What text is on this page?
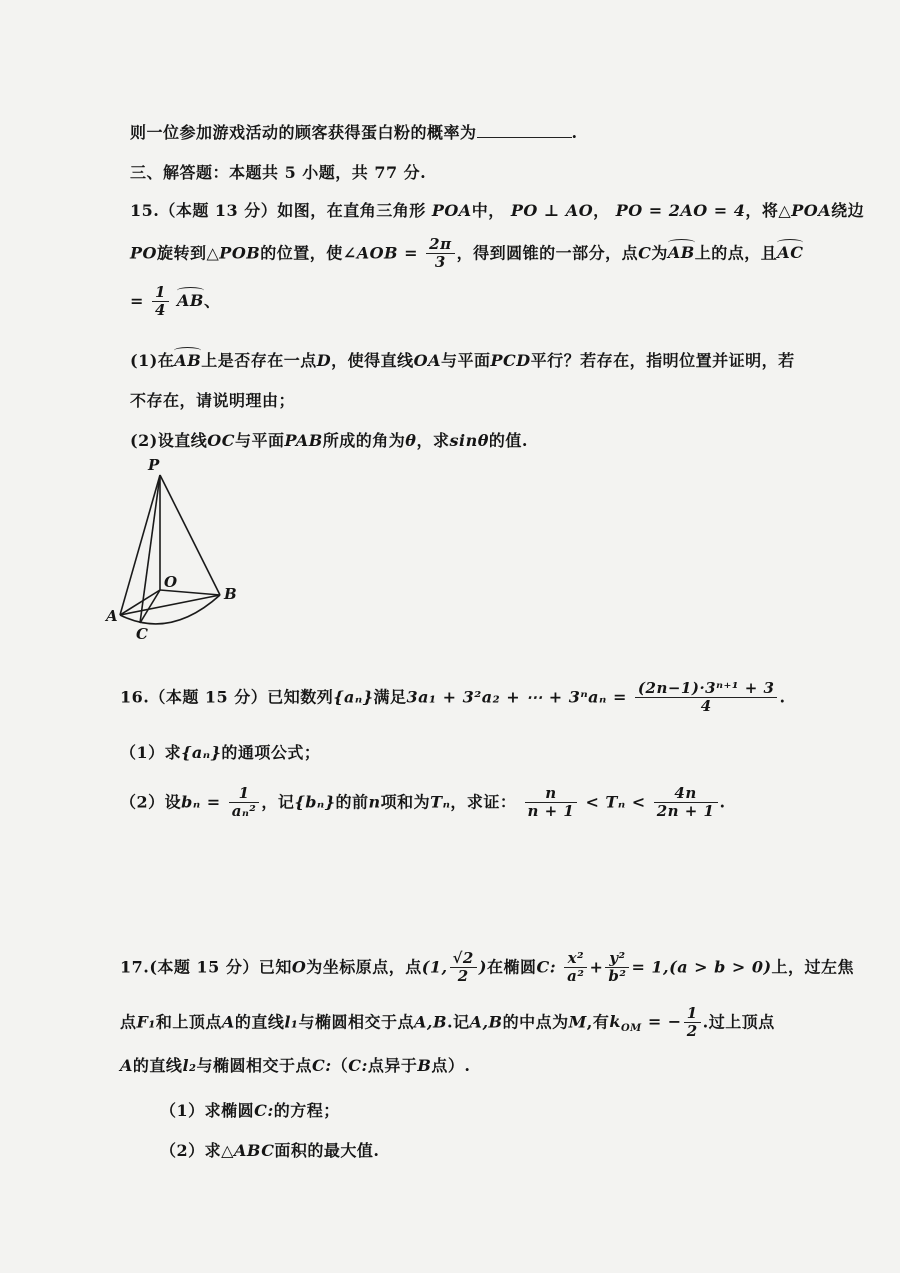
则一位参加游戏活动的顾客获得蛋白粉的概率为	.
三、解答题：本题共 5 小题，共 77 分.
15.（本题 13 分）如图，在直角三角形 POA中， PO ⊥ AO， PO = 2AO = 4，将△POA绕边
PO旋转到△POB的位置，使∠AOB = $\frac{2\pi}{3}$ ，得到圆锥的一部分，点C为AB上的点，且AC
= $\frac{1}{4}$ AB、
(1)在AB上是否存在一点D，使得直线OA与平面PCD平行？若存在，指明位置并证明，若
不存在，请说明理由；
(2)设直线OC与平面PAB所成的角为θ，求sinθ的值.
P
O
B
A
C
16.（本题 15 分）已知数列{aₙ}满足3a₁ + 3²a₂ + ⋯ + $3^na_n = \frac{\text{(2n−1)·3ⁿ⁺¹ + 3}}{4}$ .
（1）求{aₙ}的通项公式；
（2）设$b_n = \frac{1}{\text{aₙ²}}$ ，记{bₙ}的前n项和为Tₙ，求证： $\frac{n}{n + 1} < T_n < \frac{4n}{2n + 1}$ .
17.(本题 15 分）已知O为坐标原点，点(1, $\frac{√2}{2}$ )在椭圆C: $\frac{\text{x²}}{\text{a²}} + \frac{\text{y²}}{\text{b²}} = 1,(a > b > 0)$上，过左焦
点F₁和上顶点A的直线l₁与椭圆相交于点A,B.记A,B的中点为M,有$k_{OM}$ = − $\frac{1}{2}$ .过上顶点
A的直线l₂与椭圆相交于点C:（C:点异于B点）.
（1）求椭圆C:的方程；
（2）求△ABC面积的最大值.
